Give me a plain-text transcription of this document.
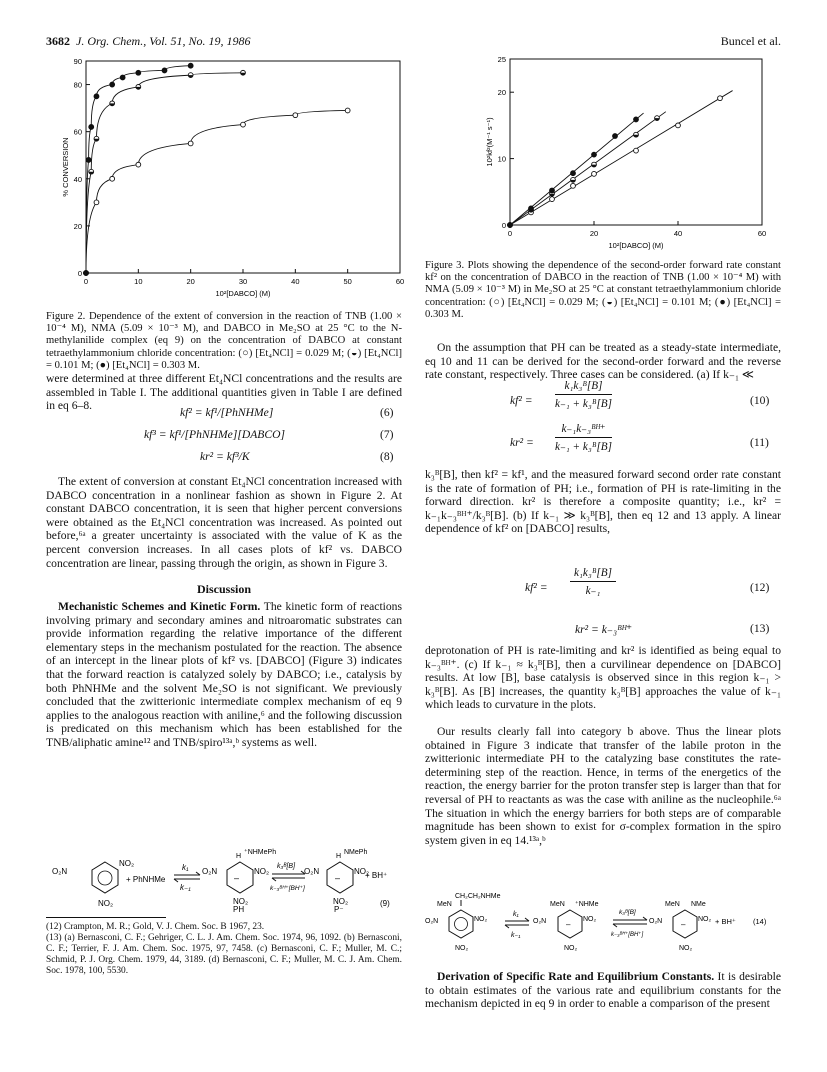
3682 J. Org. Chem., Vol. 51, No. 19, 1986	Buncel et al.
0	10	20	30	40	50	60
0
20
40
60
80
90
10²[DABCO] (M)
% CONVERSION
Figure 2. Dependence of the extent of conversion in the reaction of TNB (1.00 × 10⁻⁴ M), NMA (5.09 × 10⁻³ M), and DABCO in Me₂SO at 25 °C to the N-methylanilide complex (eq 9) on the concentration of DABCO at constant tetraethylammonium chloride concentration: (○) [Et₄NCl] = 0.029 M; (◒) [Et₄NCl] = 0.101 M; (●) [Et₄NCl] = 0.303 M.
were determined at three different Et₄NCl concentrations and the results are assembled in Table I. The additional quantities given in Table I are defined in eq 6–8.
kf² = kf¹/[PhNHMe]	(6)
kf³ = kf¹/[PhNHMe][DABCO]	(7)
kr² = kf³/K	(8)

The extent of conversion at constant Et₄NCl concentration increased with DABCO concentration in a nonlinear fashion as shown in Figure 2. At constant DABCO concentration, it is seen that higher percent conversions were obtained as the Et₄NCl concentration was increased. As pointed out before,⁶ᵃ a greater uncertainty is associated with the value of K as the percent conversion increases. In all cases plots of kf² vs. DABCO concentration are linear, passing through the origin, as shown in Figure 3.

Discussion

Mechanistic Schemes and Kinetic Form. The kinetic form of reactions involving primary and secondary amines and nitroaromatic substrates can provide information regarding the relative importance of the different elementary steps in the mechanism postulated for the reaction. The absence of an intercept in the linear plots of kf² vs. [DABCO] (Figure 3) indicates that the forward reaction is catalyzed solely by DABCO; i.e., catalysis by both PhNHMe and the solvent Me₂SO is not significant. We previously concluded that the zwitterionic intermediate complex mechanism of eq 9 applies to the analogous reaction with aniline,⁶ and the following discussion is predicated on this mechanism which has been established for the TNB/aliphatic amine¹² and TNB/spiro¹³ᵃ,ᵇ systems as well.

O₂N
NO₂
NO₂
+ PhNHMe
k₁
k₋₁
–
O₂N	NO₂
H
⁺NHMePh
NO₂
PH
k₃ᴮ[B]
k₋₃ᴮᴴ⁺[BH⁺]
–
O₂N	NO₂
H
NMePh
NO₂
+ BH⁺
P⁻
(9)
(12) Crampton, M. R.; Gold, V. J. Chem. Soc. B 1967, 23.
(13) (a) Bernasconi, C. F.; Gehriger, C. L. J. Am. Chem. Soc. 1974, 96, 1092. (b) Bernasconi, C. F.; Terrier, F. J. Am. Chem. Soc. 1975, 97, 7458. (c) Bernasconi, C. F.; Muller, M. C.; Schmid, P. J. Org. Chem. 1979, 44, 3189. (d) Bernasconi, C. F.; Muller, M. C. J. Am. Chem. Soc. 1978, 100, 5530.
0	20	40	60
0
10
20
25
10²[DABCO] (M)
10²kf²(M⁻¹ s⁻¹)
Figure 3. Plots showing the dependence of the second-order forward rate constant kf² on the concentration of DABCO in the reaction of TNB (1.00 × 10⁻⁴ M) with NMA (5.09 × 10⁻³ M) in Me₂SO at 25 °C at constant tetraethylammonium chloride concentration: (○) [Et₄NCl] = 0.029 M; (◒) [Et₄NCl] = 0.101 M; (●) [Et₄NCl] = 0.303 M.

On the assumption that PH can be treated as a steady-state intermediate, eq 10 and 11 can be derived for the second-order forward and the reverse rate constant, respectively. Three cases can be considered. (a) If k₋₁ ≪

$kf^2 = \frac{\text{k₁k₃ᴮ[B]}}{\text{k₋₁ + k₃ᴮ[B]}}$	(10)
$kr^2 = \frac{\text{k₋₁k₋₃ᴮᴴ⁺}}{\text{k₋₁ + k₃ᴮ[B]}}$	(11)
k₃ᴮ[B], then kf² = kf¹, and the measured forward second order rate constant is the rate of formation of PH; i.e., formation of PH is rate-limiting in the forward direction. kr² is therefore a composite quantity; i.e., kr² = k₋₁k₋₃ᴮᴴ⁺/k₃ᴮ[B]. (b) If k₋₁ ≫ k₃ᴮ[B], then eq 12 and 13 apply. A linear dependence of kf² on [DABCO] results,
$kf^2 = \frac{\text{k₁k₃ᴮ[B]}}{\text{k₋₁}}$	(12)
kr² = k₋₃ᴮᴴ⁺	(13)
deprotonation of PH is rate-limiting and kr² is identified as being equal to k₋₃ᴮᴴ⁺. (c) If k₋₁ ≈ k₃ᴮ[B], then a curvilinear dependence on [DABCO] results. At low [B], base catalysis is observed since in this region k₋₁ > k₃ᴮ[B]. As [B] increases, the quantity k₃ᴮ[B] approaches the value of k₋₁ which leads to curvature in the plots.

Our results clearly fall into category b above. Thus the linear plots obtained in Figure 3 indicate that transfer of the labile proton in the zwitterionic intermediate PH to the catalyzing base constitutes the rate-determining step of the reaction. Hence, in terms of the energetics of the reaction, the energy barrier for the proton transfer step is larger than that for reversal of PH to reactants as was the case with aniline as the nucleophile.⁶ᵃ The situation in which the energy barriers for both steps are of comparable magnitude has been shown to exist for σ-complex formation in the spiro system given in eq 14.¹³ᵃ,ᵇ

CH₂CH₂NHMe
MeN
O₂N	NO₂
NO₂
k₁
k₋₁
MeN ⁺NHMe
–
O₂N	NO₂
NO₂
k₃ᴮ[B]
k₋₃ᴮᴴ⁺[BH⁺]
MeN NMe
–
O₂N	NO₂
NO₂
+ BH⁺ (14)

Derivation of Specific Rate and Equilibrium Constants. It is desirable to obtain estimates of the various rate and equilibrium constants for the mechanism depicted in eq 9 in order to enable a comparison of the present
